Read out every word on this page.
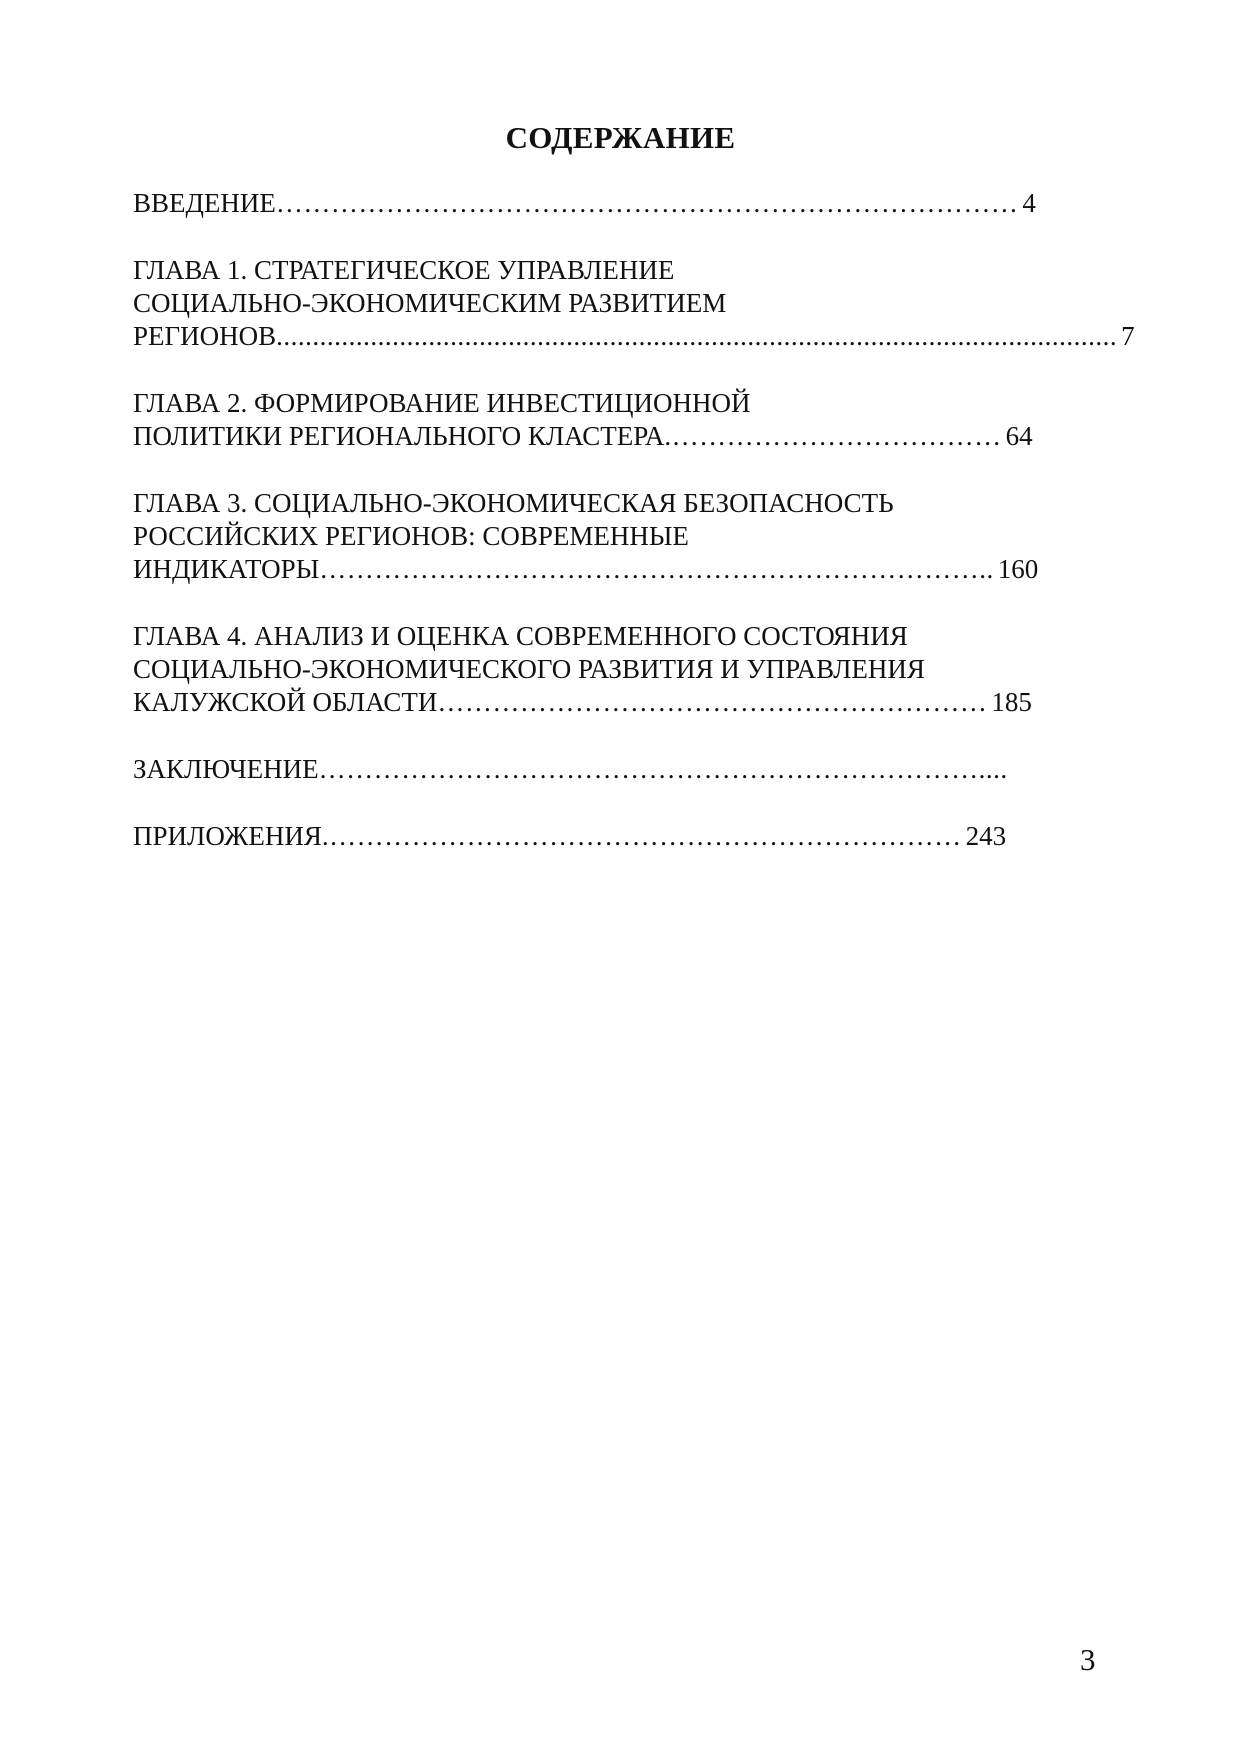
СОДЕРЖАНИЕ
ВВЕДЕНИЕ ……………………………………………………………………… 4
ГЛАВА 1. СТРАТЕГИЧЕСКОЕ УПРАВЛЕНИЕ
СОЦИАЛЬНО-ЭКОНОМИЧЕСКИМ РАЗВИТИЕМ
РЕГИОНОВ .................................................................................................................... 7
ГЛАВА 2. ФОРМИРОВАНИЕ ИНВЕСТИЦИОННОЙ
ПОЛИТИКИ РЕГИОНАЛЬНОГО КЛАСТЕРА .……………………………… 64
ГЛАВА 3. СОЦИАЛЬНО-ЭКОНОМИЧЕСКАЯ БЕЗОПАСНОСТЬ
РОССИЙСКИХ РЕГИОНОВ: СОВРЕМЕННЫЕ
ИНДИКАТОРЫ ……………………………………………………………….. 160
ГЛАВА 4. АНАЛИЗ И ОЦЕНКА СОВРЕМЕННОГО СОСТОЯНИЯ
СОЦИАЛЬНО-ЭКОНОМИЧЕСКОГО РАЗВИТИЯ И УПРАВЛЕНИЯ
КАЛУЖСКОЙ ОБЛАСТИ …………………………………………………… 185
ЗАКЛЮЧЕНИЕ ………………………………………………………………....
ПРИЛОЖЕНИЯ .…………………………………………………………… 243
3
